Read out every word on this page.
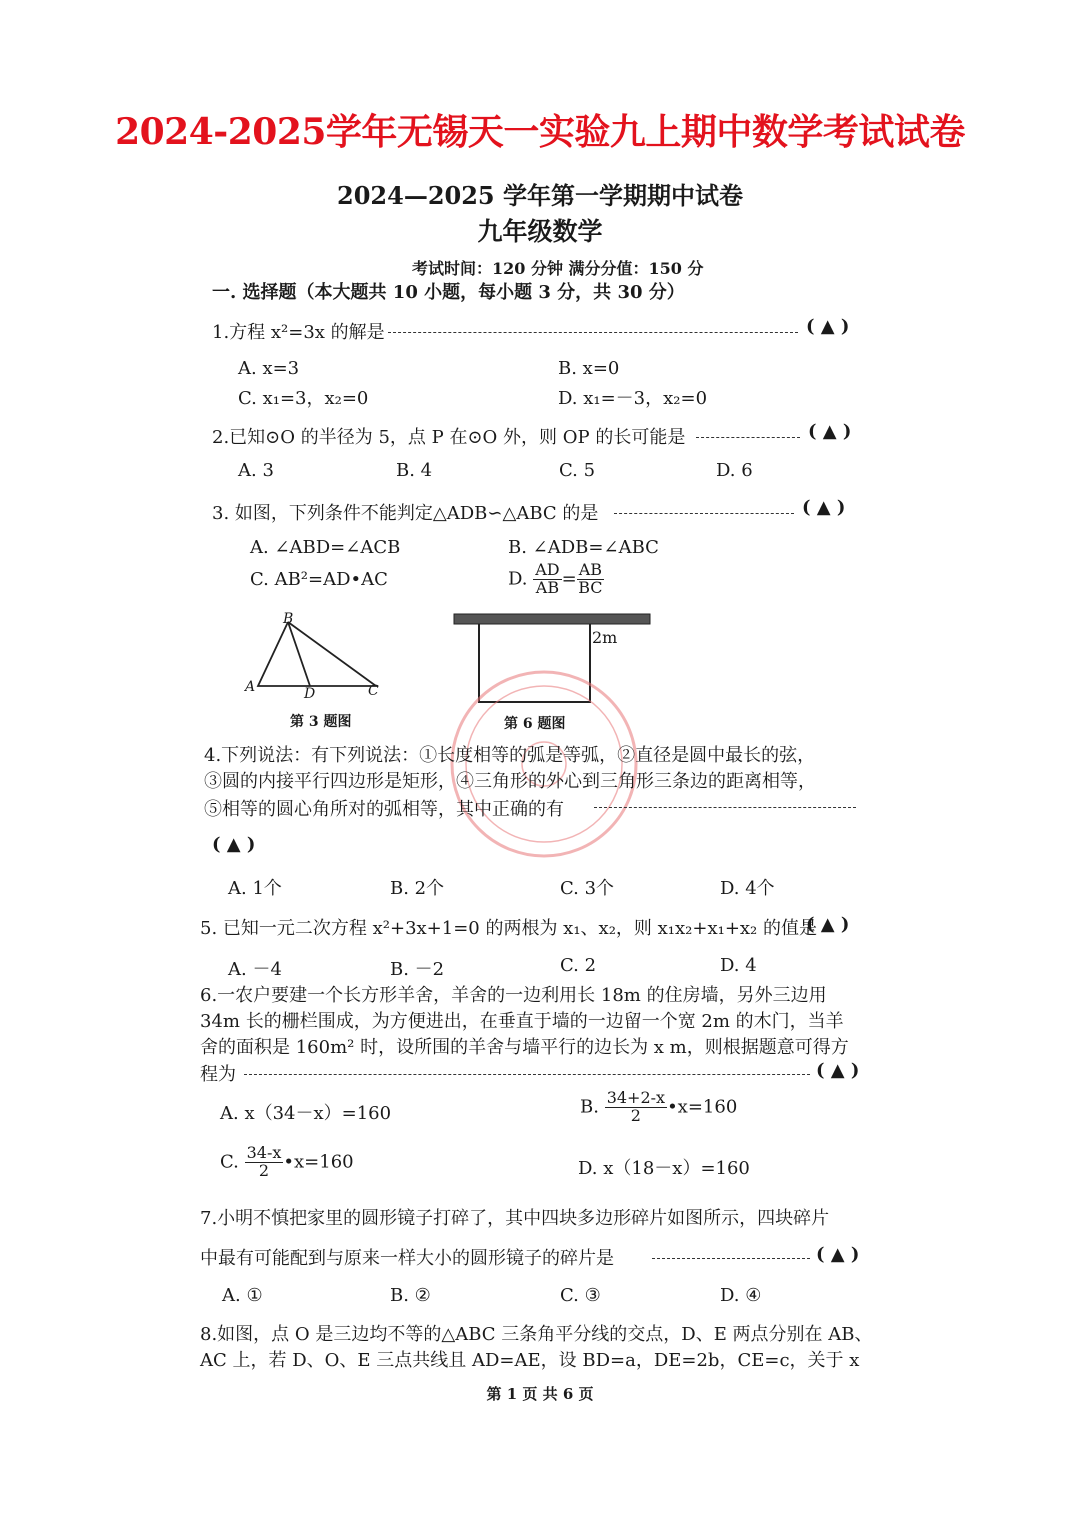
2024-2025学年无锡天一实验九上期中数学考试试卷
2024—2025 学年第一学期期中试卷
九年级数学
考试时间：120 分钟 满分分值：150 分
一. 选择题（本大题共 10 小题，每小题 3 分，共 30 分）
1.方程 x²=3x 的解是	( ▲ )
A. x=3	B. x=0
C. x₁=3，x₂=0	D. x₁=－3，x₂=0
2.已知⊙O 的半径为 5，点 P 在⊙O 外，则 OP 的长可能是	( ▲ )
A. 3	B. 4	C. 5	D. 6
3. 如图，下列条件不能判定△ADB∽△ABC 的是	( ▲ )
A. ∠ABD=∠ACB	B. ∠ADB=∠ABC
C. AB²=AD•AC	D. $\frac{AD}{AB} = \frac{AB}{BC}$
B
A	D	C
第 3 题图
2m
第 6 题图
4.下列说法：有下列说法：①长度相等的弧是等弧，②直径是圆中最长的弦，
③圆的内接平行四边形是矩形，④三角形的外心到三角形三条边的距离相等，
⑤相等的圆心角所对的弧相等，其中正确的有
( ▲ )
A. 1个	B. 2个	C. 3个	D. 4个
5. 已知一元二次方程 x²+3x+1=0 的两根为 x₁、x₂，则 x₁x₂+x₁+x₂ 的值是
( ▲ )
A. －4	B. －2	C. 2	D. 4
6.一农户要建一个长方形羊舍，羊舍的一边利用长 18m 的住房墙，另外三边用
34m 长的栅栏围成，为方便进出，在垂直于墙的一边留一个宽 2m 的木门，当羊
舍的面积是 160m² 时，设所围的羊舍与墙平行的边长为 x m，则根据题意可得方
程为	( ▲ )
A. x（34－x）=160	B. $\frac{34+2-x}{2}$ •x=160
C. $\frac{34-x}{2}$ •x=160	D. x（18－x）=160
7.小明不慎把家里的圆形镜子打碎了，其中四块多边形碎片如图所示，四块碎片
中最有可能配到与原来一样大小的圆形镜子的碎片是	( ▲ )
A. ①	B. ②	C. ③	D. ④
8.如图，点 O 是三边均不等的△ABC 三条角平分线的交点，D、E 两点分别在 AB、
AC 上，若 D、O、E 三点共线且 AD=AE，设 BD=a，DE=2b，CE=c，关于 x
第 1 页 共 6 页
